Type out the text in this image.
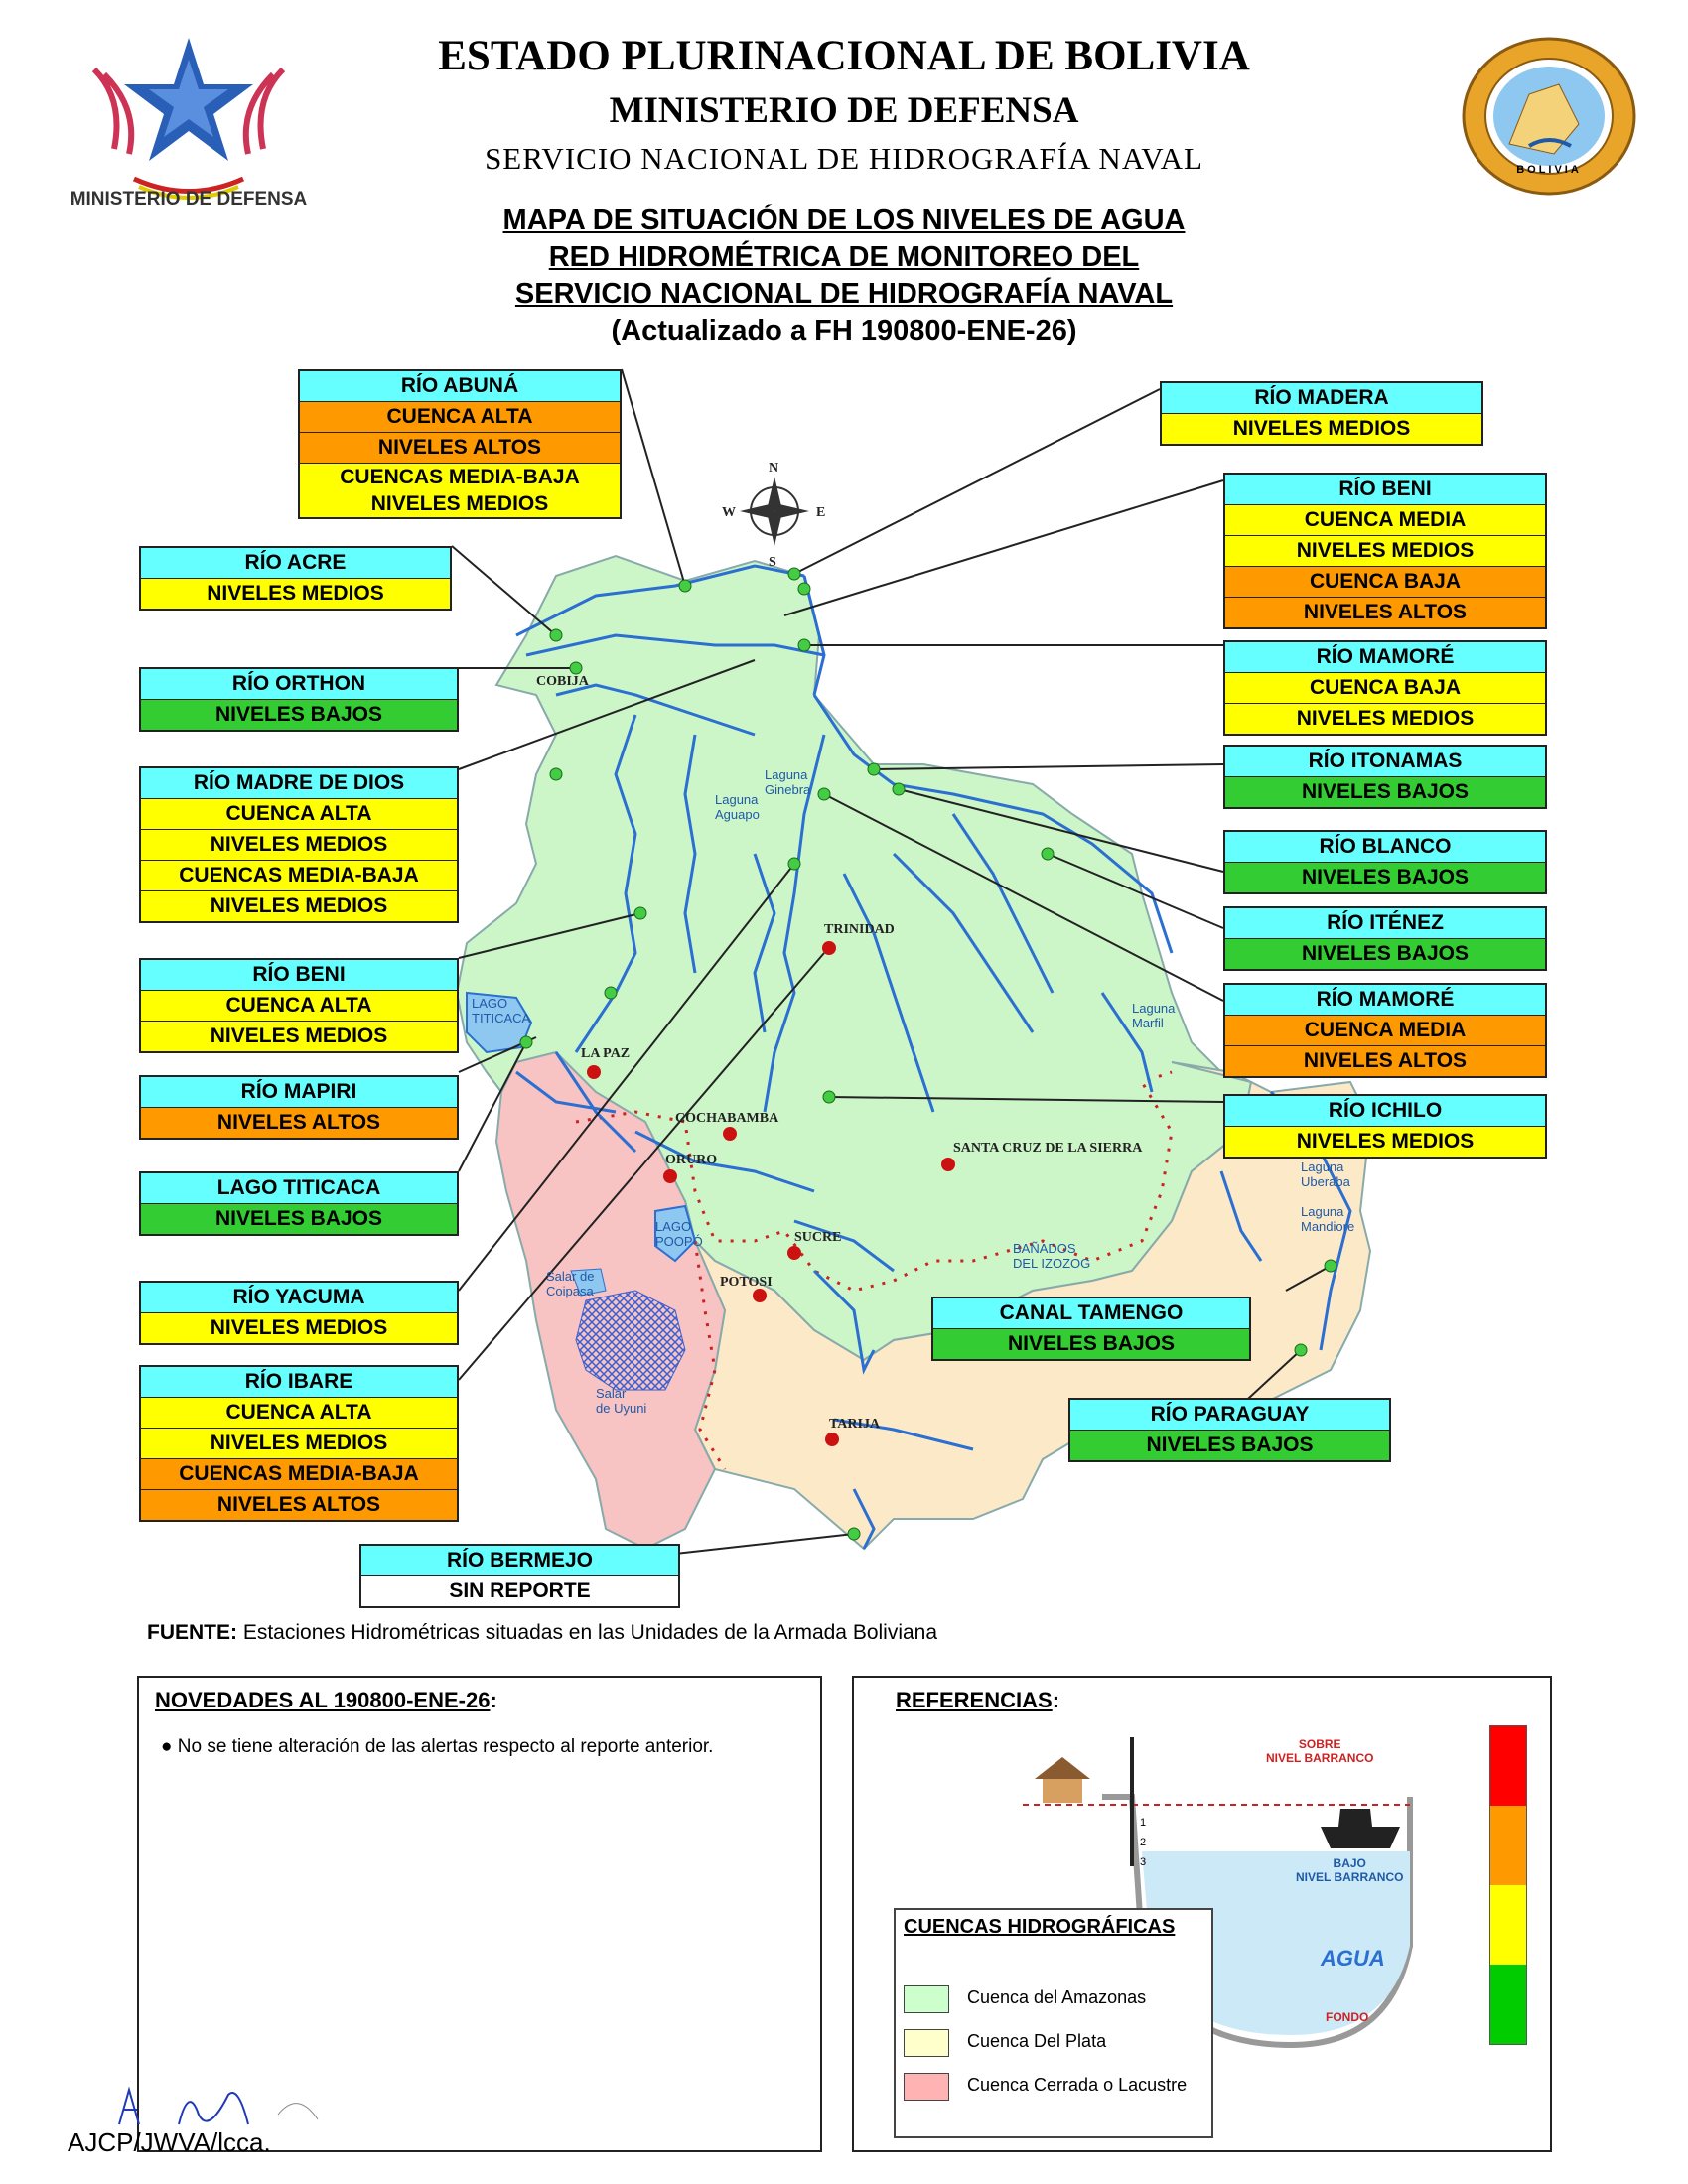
MINISTERIO DE DEFENSA
ESTADO PLURINACIONAL DE BOLIVIA
MINISTERIO DE DEFENSA
SERVICIO NACIONAL DE HIDROGRAFÍA NAVAL	BOLIVIA
MAPA DE SITUACIÓN DE LOS NIVELES DE AGUA
RED HIDROMÉTRICA DE MONITOREO DEL
SERVICIO NACIONAL DE HIDROGRAFÍA NAVAL
(Actualizado a FH 190800-ENE-26)
N
S
E
W
COBIJA
TRINIDAD
LA PAZ
COCHABAMBA
ORURO
SANTA CRUZ DE LA SIERRA
SUCRE
POTOSI
TARIJA
LAGO TITICACA
LAGO POOPÓ
Salar de Uyuni
Salar de Coipasa
Laguna Ginebra
Laguna Aguapo
Laguna Marfil
Laguna Uberaba
Laguna Mandiore
BAÑADOS DEL IZOZOG
RÍO ABUNÁ
CUENCA ALTA
NIVELES ALTOS
CUENCAS MEDIA-BAJA
NIVELES MEDIOS
RÍO MADERA
NIVELES MEDIOS
RÍO BENI
CUENCA MEDIA
NIVELES MEDIOS
CUENCA BAJA
NIVELES ALTOS
RÍO ACRE
NIVELES MEDIOS
RÍO ORTHON
NIVELES BAJOS
RÍO MAMORÉ
CUENCA BAJA
NIVELES MEDIOS
RÍO ITONAMAS
NIVELES BAJOS
RÍO MADRE DE DIOS
CUENCA ALTA
NIVELES MEDIOS
CUENCAS MEDIA-BAJA
NIVELES MEDIOS
RÍO BLANCO
NIVELES BAJOS
RÍO ITÉNEZ
NIVELES BAJOS
RÍO BENI
CUENCA ALTA
NIVELES MEDIOS
RÍO MAMORÉ
CUENCA MEDIA
NIVELES ALTOS
RÍO MAPIRI
NIVELES ALTOS
RÍO ICHILO
NIVELES MEDIOS
LAGO TITICACA
NIVELES BAJOS
RÍO YACUMA
NIVELES MEDIOS
CANAL TAMENGO
NIVELES BAJOS
RÍO IBARE
CUENCA ALTA
NIVELES MEDIOS
CUENCAS MEDIA-BAJA
NIVELES ALTOS
RÍO PARAGUAY
NIVELES BAJOS
RÍO BERMEJO
SIN REPORTE
FUENTE: Estaciones Hidrométricas situadas en las Unidades de la Armada Boliviana
NOVEDADES AL 190800-ENE-26:
● No se tiene alteración de las alertas respecto al reporte anterior.
REFERENCIAS:
SOBRE
NIVEL BARRANCO
BAJO
NIVEL BARRANCO
AGUA
FONDO
1
2
3
CUENCAS HIDROGRÁFICAS
Cuenca del Amazonas
Cuenca Del Plata
Cuenca Cerrada o Lacustre
AJCP/JWVA/lcca.
